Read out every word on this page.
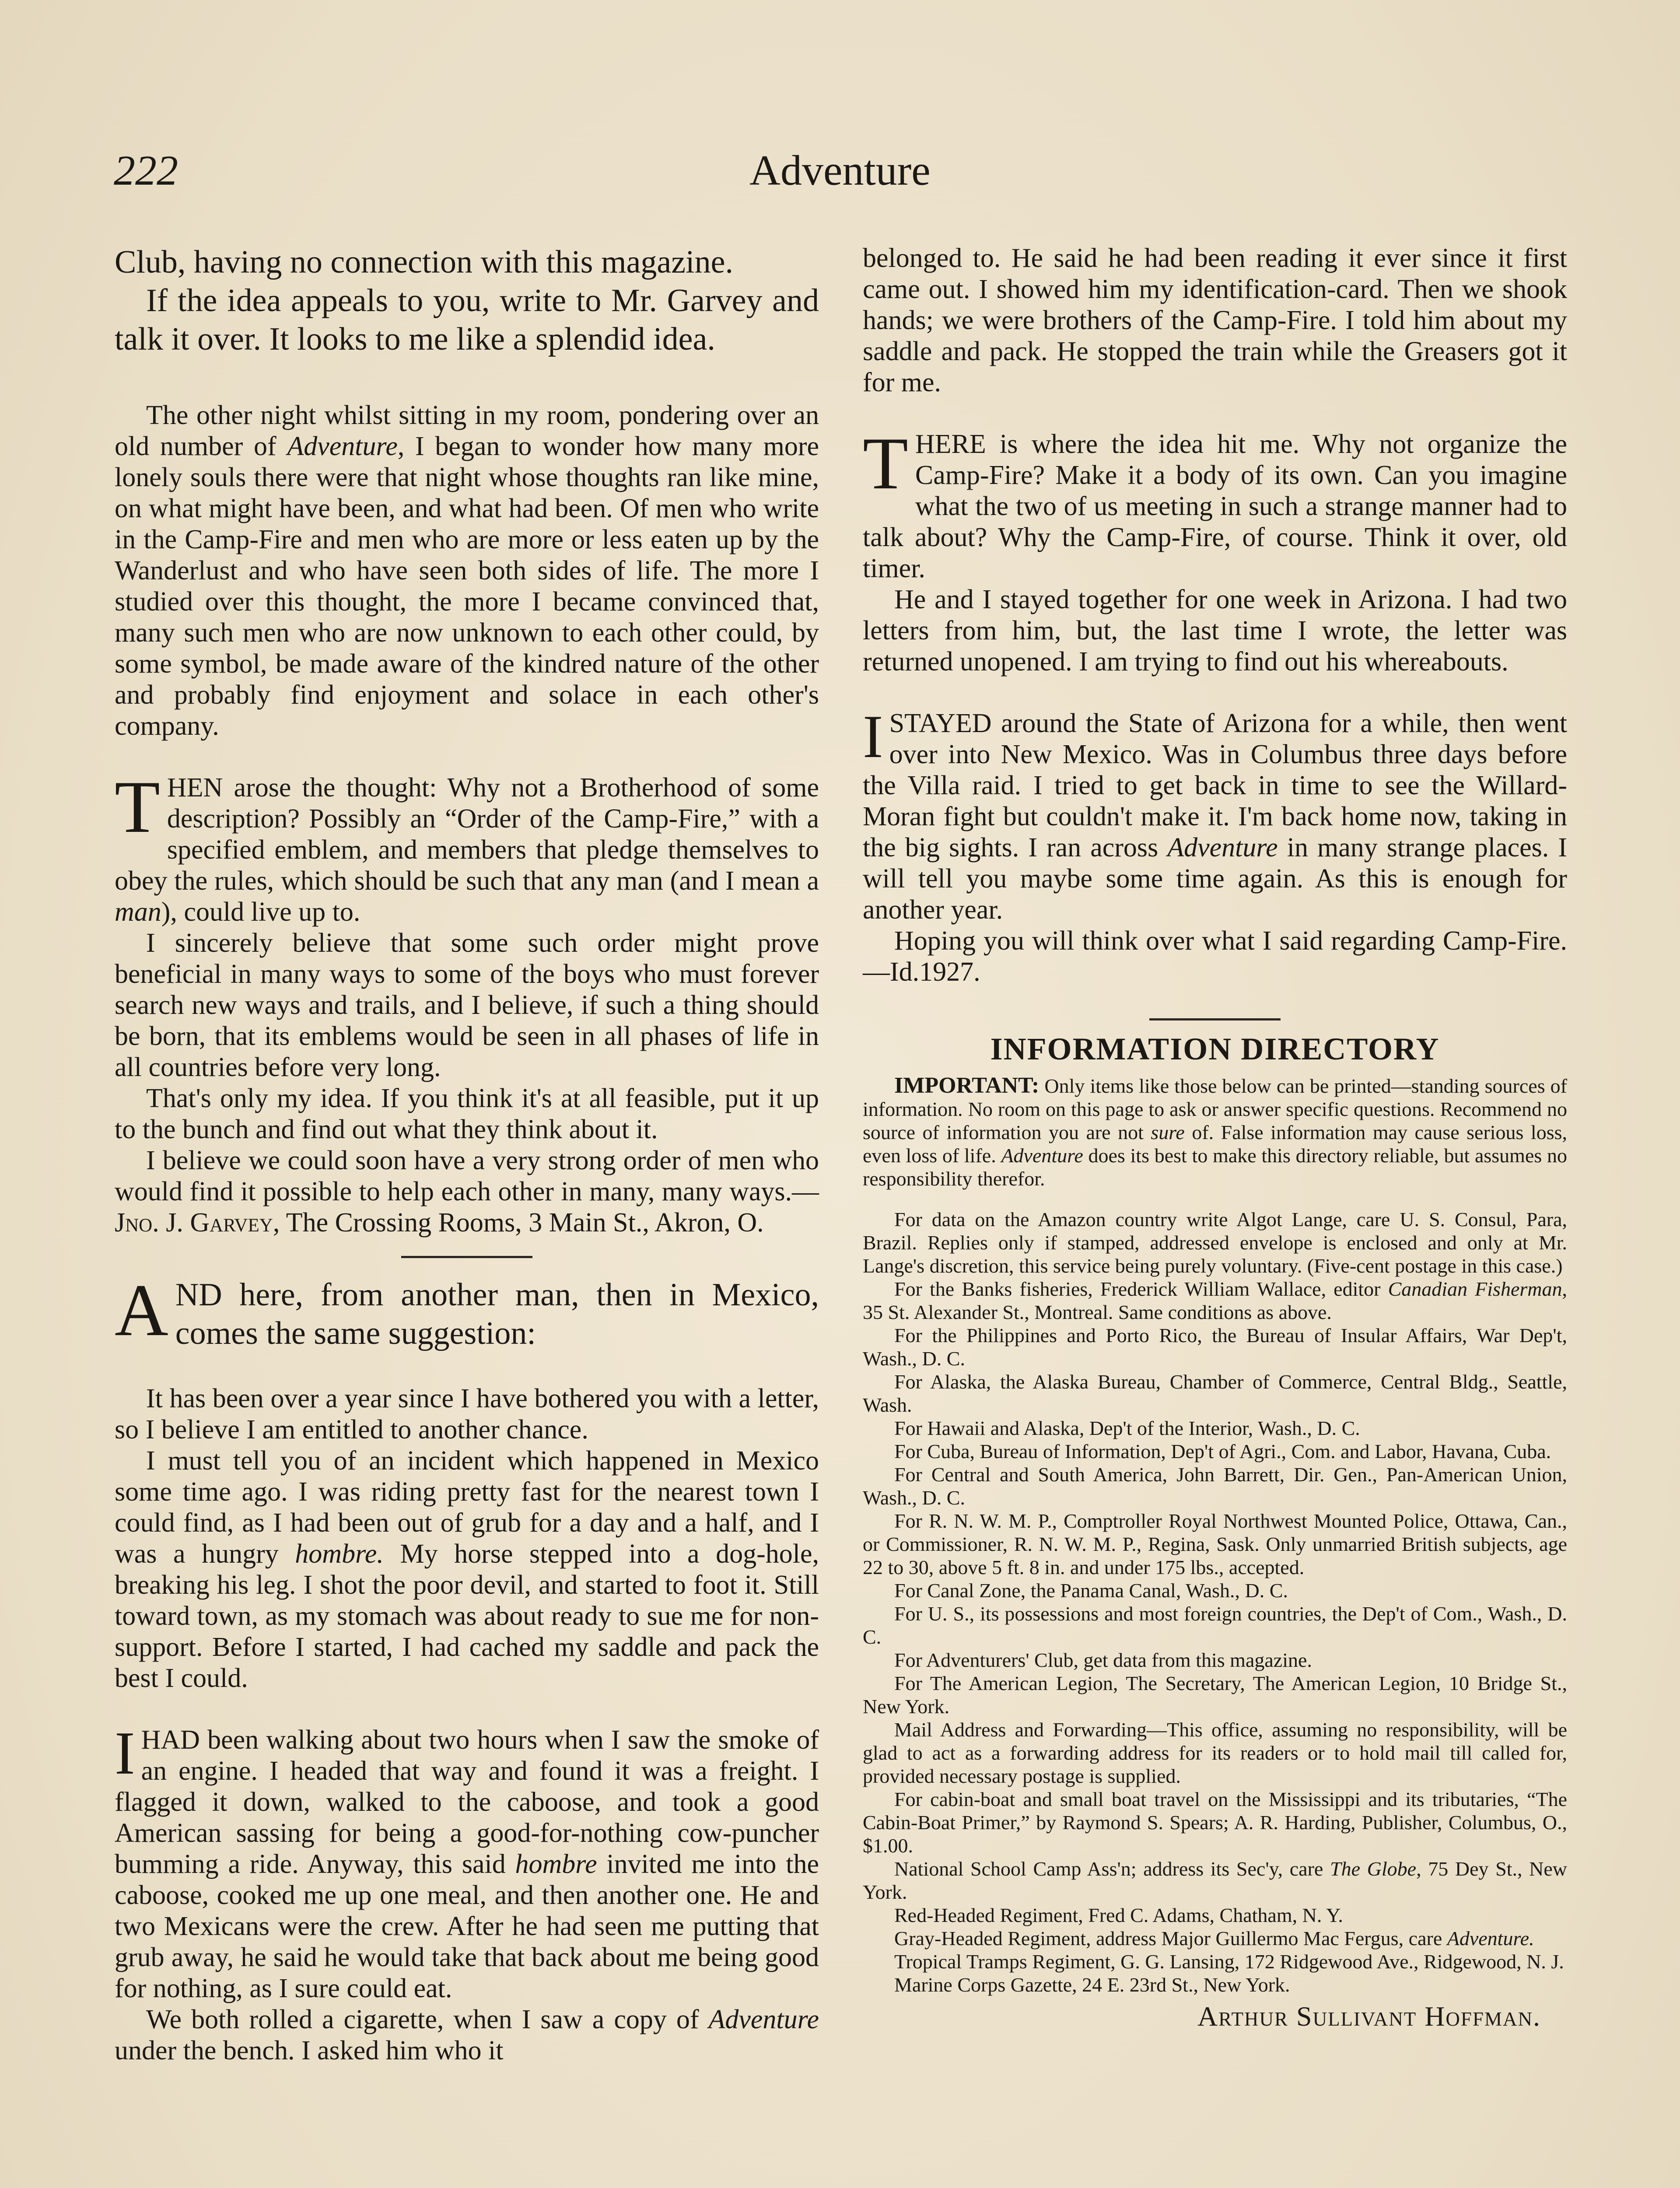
222	Adventure

Club, having no connection with this magazine.

If the idea appeals to you, write to Mr. Garvey and talk it over. It looks to me like a splendid idea.

The other night whilst sitting in my room, pondering over an old number of Adventure, I began to wonder how many more lonely souls there were that night whose thoughts ran like mine, on what might have been, and what had been. Of men who write in the Camp-Fire and men who are more or less eaten up by the Wanderlust and who have seen both sides of life. The more I studied over this thought, the more I became convinced that, many such men who are now unknown to each other could, by some symbol, be made aware of the kindred nature of the other and probably find enjoyment and solace in each other's company.

THEN arose the thought: Why not a Brotherhood of some description? Possibly an “Order of the Camp-Fire,” with a specified emblem, and members that pledge themselves to obey the rules, which should be such that any man (and I mean a man), could live up to.

I sincerely believe that some such order might prove beneficial in many ways to some of the boys who must forever search new ways and trails, and I believe, if such a thing should be born, that its emblems would be seen in all phases of life in all countries before very long.

That's only my idea. If you think it's at all feasible, put it up to the bunch and find out what they think about it.

I believe we could soon have a very strong order of men who would find it possible to help each other in many, many ways.—Jno. J. Garvey, The Crossing Rooms, 3 Main St., Akron, O.

AND here, from another man, then in Mexico, comes the same suggestion:

It has been over a year since I have bothered you with a letter, so I believe I am entitled to another chance.

I must tell you of an incident which happened in Mexico some time ago. I was riding pretty fast for the nearest town I could find, as I had been out of grub for a day and a half, and I was a hungry hombre. My horse stepped into a dog-hole, breaking his leg. I shot the poor devil, and started to foot it. Still toward town, as my stomach was about ready to sue me for non-support. Before I started, I had cached my saddle and pack the best I could.

I HAD been walking about two hours when I saw the smoke of an engine. I headed that way and found it was a freight. I flagged it down, walked to the caboose, and took a good American sassing for being a good-for-nothing cow-puncher bumming a ride. Anyway, this said hombre invited me into the caboose, cooked me up one meal, and then another one. He and two Mexicans were the crew. After he had seen me putting that grub away, he said he would take that back about me being good for nothing, as I sure could eat.

We both rolled a cigarette, when I saw a copy of Adventure under the bench. I asked him who it

belonged to. He said he had been reading it ever since it first came out. I showed him my identification-card. Then we shook hands; we were brothers of the Camp-Fire. I told him about my saddle and pack. He stopped the train while the Greasers got it for me.

THERE is where the idea hit me. Why not organize the Camp-Fire? Make it a body of its own. Can you imagine what the two of us meeting in such a strange manner had to talk about? Why the Camp-Fire, of course. Think it over, old timer.

He and I stayed together for one week in Arizona. I had two letters from him, but, the last time I wrote, the letter was returned unopened. I am trying to find out his whereabouts.

I STAYED around the State of Arizona for a while, then went over into New Mexico. Was in Columbus three days before the Villa raid. I tried to get back in time to see the Willard-Moran fight but couldn't make it. I'm back home now, taking in the big sights. I ran across Adventure in many strange places. I will tell you maybe some time again. As this is enough for another year.

Hoping you will think over what I said regarding Camp-Fire.—Id.1927.

INFORMATION DIRECTORY

IMPORTANT: Only items like those below can be printed—standing sources of information. No room on this page to ask or answer specific questions. Recommend no source of information you are not sure of. False information may cause serious loss, even loss of life. Adventure does its best to make this directory reliable, but assumes no responsibility therefor.

For data on the Amazon country write Algot Lange, care U. S. Consul, Para, Brazil. Replies only if stamped, addressed envelope is enclosed and only at Mr. Lange's discretion, this service being purely voluntary. (Five-cent postage in this case.)

For the Banks fisheries, Frederick William Wallace, editor Canadian Fisherman, 35 St. Alexander St., Montreal. Same conditions as above.

For the Philippines and Porto Rico, the Bureau of Insular Affairs, War Dep't, Wash., D. C.

For Alaska, the Alaska Bureau, Chamber of Commerce, Central Bldg., Seattle, Wash.

For Hawaii and Alaska, Dep't of the Interior, Wash., D. C.

For Cuba, Bureau of Information, Dep't of Agri., Com. and Labor, Havana, Cuba.

For Central and South America, John Barrett, Dir. Gen., Pan-American Union, Wash., D. C.

For R. N. W. M. P., Comptroller Royal Northwest Mounted Police, Ottawa, Can., or Commissioner, R. N. W. M. P., Regina, Sask. Only unmarried British subjects, age 22 to 30, above 5 ft. 8 in. and under 175 lbs., accepted.

For Canal Zone, the Panama Canal, Wash., D. C.

For U. S., its possessions and most foreign countries, the Dep't of Com., Wash., D. C.

For Adventurers' Club, get data from this magazine.

For The American Legion, The Secretary, The American Legion, 10 Bridge St., New York.

Mail Address and Forwarding—This office, assuming no responsibility, will be glad to act as a forwarding address for its readers or to hold mail till called for, provided necessary postage is supplied.

For cabin-boat and small boat travel on the Mississippi and its tributaries, “The Cabin-Boat Primer,” by Raymond S. Spears; A. R. Harding, Publisher, Columbus, O., $1.00.

National School Camp Ass'n; address its Sec'y, care The Globe, 75 Dey St., New York.

Red-Headed Regiment, Fred C. Adams, Chatham, N. Y.

Gray-Headed Regiment, address Major Guillermo Mac Fergus, care Adventure.

Tropical Tramps Regiment, G. G. Lansing, 172 Ridgewood Ave., Ridgewood, N. J.

Marine Corps Gazette, 24 E. 23rd St., New York.

Arthur Sullivant Hoffman.
